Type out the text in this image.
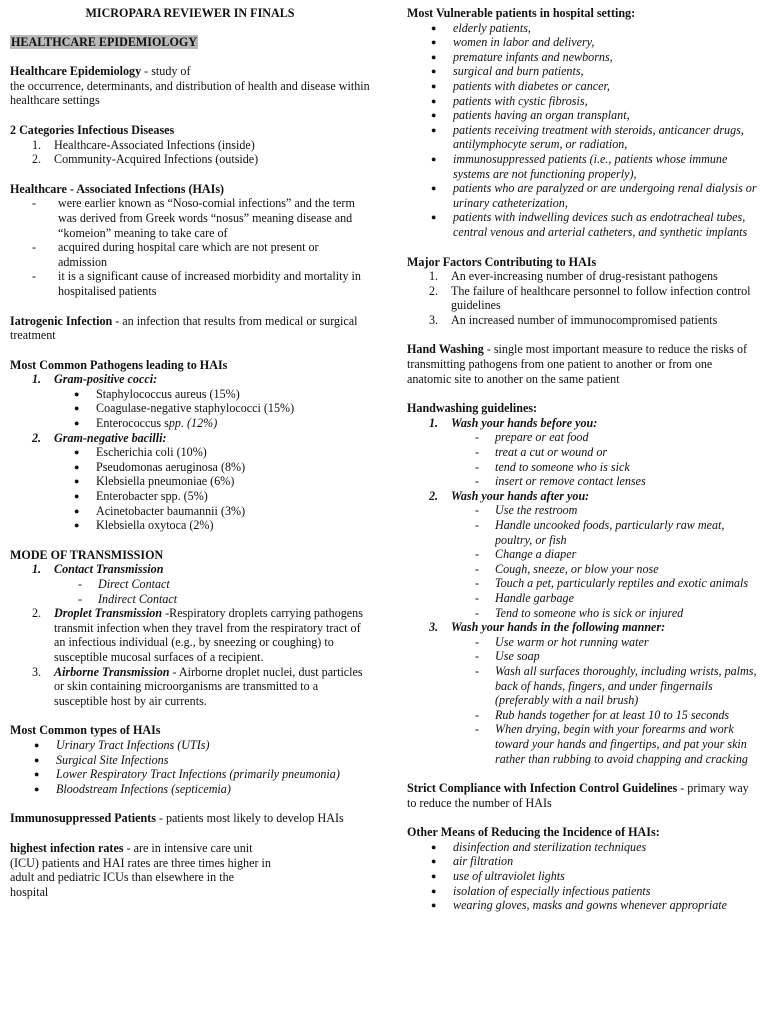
MICROPARA REVIEWER IN FINALS

HEALTHCARE EPIDEMIOLOGY

Healthcare Epidemiology - study of
the occurrence, determinants, and distribution of health and disease within healthcare settings

2 Categories Infectious Diseases

1. Healthcare-Associated Infections (inside)
2. Community-Acquired Infections (outside)

Healthcare - Associated Infections (HAIs)

- were earlier known as “Noso-comial infections” and the term was derived from Greek words “nosus” meaning disease and “komeion” meaning to take care of
- acquired during hospital care which are not present or admission
- it is a significant cause of increased morbidity and mortality in hospitalised patients

Iatrogenic Infection - an infection that results from medical or surgical treatment

Most Common Pathogens leading to HAIs

1. Gram-positive cocci:
● Staphylococcus aureus (15%)
● Coagulase-negative staphylococci (15%)
● Enterococcus spp. (12%)
2. Gram-negative bacilli:
● Escherichia coli (10%)
● Pseudomonas aeruginosa (8%)
● Klebsiella pneumoniae (6%)
● Enterobacter spp. (5%)
● Acinetobacter baumannii (3%)
● Klebsiella oxytoca (2%)

MODE OF TRANSMISSION

1. Contact Transmission
- Direct Contact
- Indirect Contact
2. Droplet Transmission -Respiratory droplets carrying pathogens transmit infection when they travel from the respiratory tract of an infectious individual (e.g., by sneezing or coughing) to susceptible mucosal surfaces of a recipient.
3. Airborne Transmission - Airborne droplet nuclei, dust particles or skin containing microorganisms are transmitted to a susceptible host by air currents.

Most Common types of HAIs

● Urinary Tract Infections (UTIs)
● Surgical Site Infections
● Lower Respiratory Tract Infections (primarily pneumonia)
● Bloodstream Infections (septicemia)

Immunosuppressed Patients - patients most likely to develop HAIs

highest infection rates - are in intensive care unit
(ICU) patients and HAI rates are three times higher in
adult and pediatric ICUs than elsewhere in the
hospital

Most Vulnerable patients in hospital setting:

● elderly patients,
● women in labor and delivery,
● premature infants and newborns,
● surgical and burn patients,
● patients with diabetes or cancer,
● patients with cystic fibrosis,
● patients having an organ transplant,
● patients receiving treatment with steroids, anticancer drugs, antilymphocyte serum, or radiation,
● immunosuppressed patients (i.e., patients whose immune systems are not functioning properly),
● patients who are paralyzed or are undergoing renal dialysis or urinary catheterization,
● patients with indwelling devices such as endotracheal tubes, central venous and arterial catheters, and synthetic implants

Major Factors Contributing to HAIs

1. An ever-increasing number of drug-resistant pathogens
2. The failure of healthcare personnel to follow infection control guidelines
3. An increased number of immunocompromised patients

Hand Washing - single most important measure to reduce the risks of transmitting pathogens from one patient to another or from one anatomic site to another on the same patient

Handwashing guidelines:

1. Wash your hands before you:
- prepare or eat food
- treat a cut or wound or
- tend to someone who is sick
- insert or remove contact lenses
2. Wash your hands after you:
- Use the restroom
- Handle uncooked foods, particularly raw meat, poultry, or fish
- Change a diaper
- Cough, sneeze, or blow your nose
- Touch a pet, particularly reptiles and exotic animals
- Handle garbage
- Tend to someone who is sick or injured
3. Wash your hands in the following manner:
- Use warm or hot running water
- Use soap
- Wash all surfaces thoroughly, including wrists, palms, back of hands, fingers, and under fingernails (preferably with a nail brush)
- Rub hands together for at least 10 to 15 seconds
- When drying, begin with your forearms and work toward your hands and fingertips, and pat your skin rather than rubbing to avoid chapping and cracking

Strict Compliance with Infection Control Guidelines - primary way to reduce the number of HAIs

Other Means of Reducing the Incidence of HAIs:

● disinfection and sterilization techniques
● air filtration
● use of ultraviolet lights
● isolation of especially infectious patients
● wearing gloves, masks and gowns whenever appropriate
